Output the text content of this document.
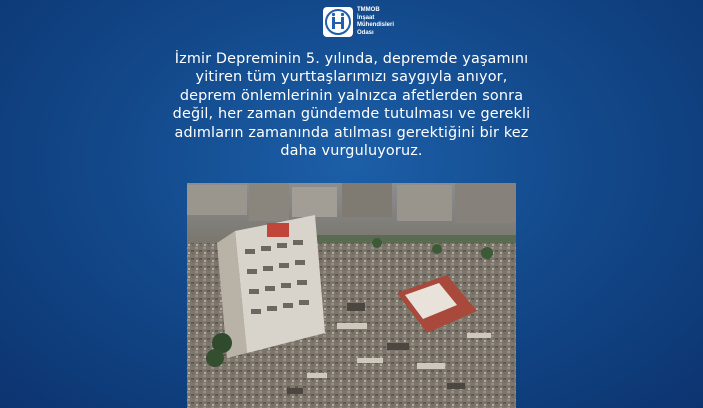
TMMOB
İnşaat
Mühendisleri
Odası
İzmir Depreminin 5. yılında, depremde yaşamını yitiren tüm yurttaşlarımızı saygıyla anıyor, deprem önlemlerinin yalnızca afetlerden sonra değil, her zaman gündemde tutulması ve gerekli adımların zamanında atılması gerektiğini bir kez daha vurguluyoruz.
